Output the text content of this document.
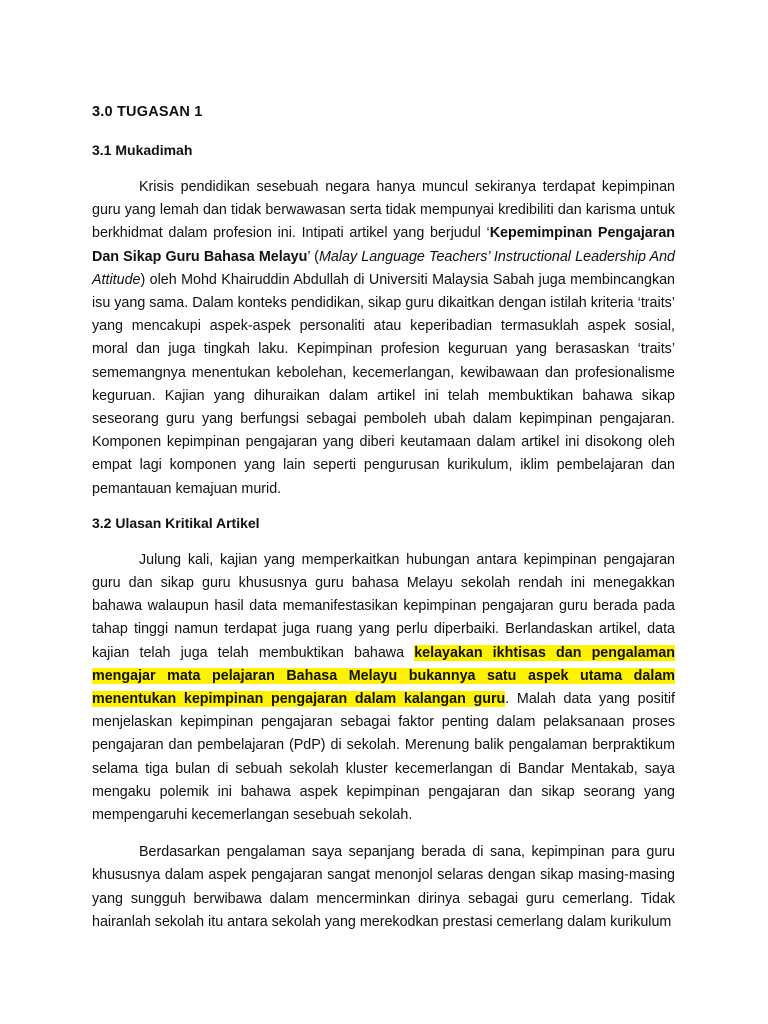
3.0 TUGASAN 1
3.1 Mukadimah

Krisis pendidikan sesebuah negara hanya muncul sekiranya terdapat kepimpinan guru yang lemah dan tidak berwawasan serta tidak mempunyai kredibiliti dan karisma untuk berkhidmat dalam profesion ini. Intipati artikel yang berjudul ‘Kepemimpinan Pengajaran Dan Sikap Guru Bahasa Melayu’ (Malay Language Teachers’ Instructional Leadership And Attitude) oleh Mohd Khairuddin Abdullah di Universiti Malaysia Sabah juga membincangkan isu yang sama. Dalam konteks pendidikan, sikap guru dikaitkan dengan istilah kriteria ‘traits’ yang mencakupi aspek-aspek personaliti atau keperibadian termasuklah aspek sosial, moral dan juga tingkah laku. Kepimpinan profesion keguruan yang berasaskan ‘traits’ sememangnya menentukan kebolehan, kecemerlangan, kewibawaan dan profesionalisme keguruan. Kajian yang dihuraikan dalam artikel ini telah membuktikan bahawa sikap seseorang guru yang berfungsi sebagai pemboleh ubah dalam kepimpinan pengajaran. Komponen kepimpinan pengajaran yang diberi keutamaan dalam artikel ini disokong oleh empat lagi komponen yang lain seperti pengurusan kurikulum, iklim pembelajaran dan pemantauan kemajuan murid.

3.2 Ulasan Kritikal Artikel

Julung kali, kajian yang memperkaitkan hubungan antara kepimpinan pengajaran guru dan sikap guru khususnya guru bahasa Melayu sekolah rendah ini menegakkan bahawa walaupun hasil data memanifestasikan kepimpinan pengajaran guru berada pada tahap tinggi namun terdapat juga ruang yang perlu diperbaiki. Berlandaskan artikel, data kajian telah juga telah membuktikan bahawa kelayakan ikhtisas dan pengalaman mengajar mata pelajaran Bahasa Melayu bukannya satu aspek utama dalam menentukan kepimpinan pengajaran dalam kalangan guru. Malah data yang positif menjelaskan kepimpinan pengajaran sebagai faktor penting dalam pelaksanaan proses pengajaran dan pembelajaran (PdP) di sekolah. Merenung balik pengalaman berpraktikum selama tiga bulan di sebuah sekolah kluster kecemerlangan di Bandar Mentakab, saya mengaku polemik ini bahawa aspek kepimpinan pengajaran dan sikap seorang yang mempengaruhi kecemerlangan sesebuah sekolah.

Berdasarkan pengalaman saya sepanjang berada di sana, kepimpinan para guru khususnya dalam aspek pengajaran sangat menonjol selaras dengan sikap masing-masing yang sungguh berwibawa dalam mencerminkan dirinya sebagai guru cemerlang. Tidak hairanlah sekolah itu antara sekolah yang merekodkan prestasi cemerlang dalam kurikulum
